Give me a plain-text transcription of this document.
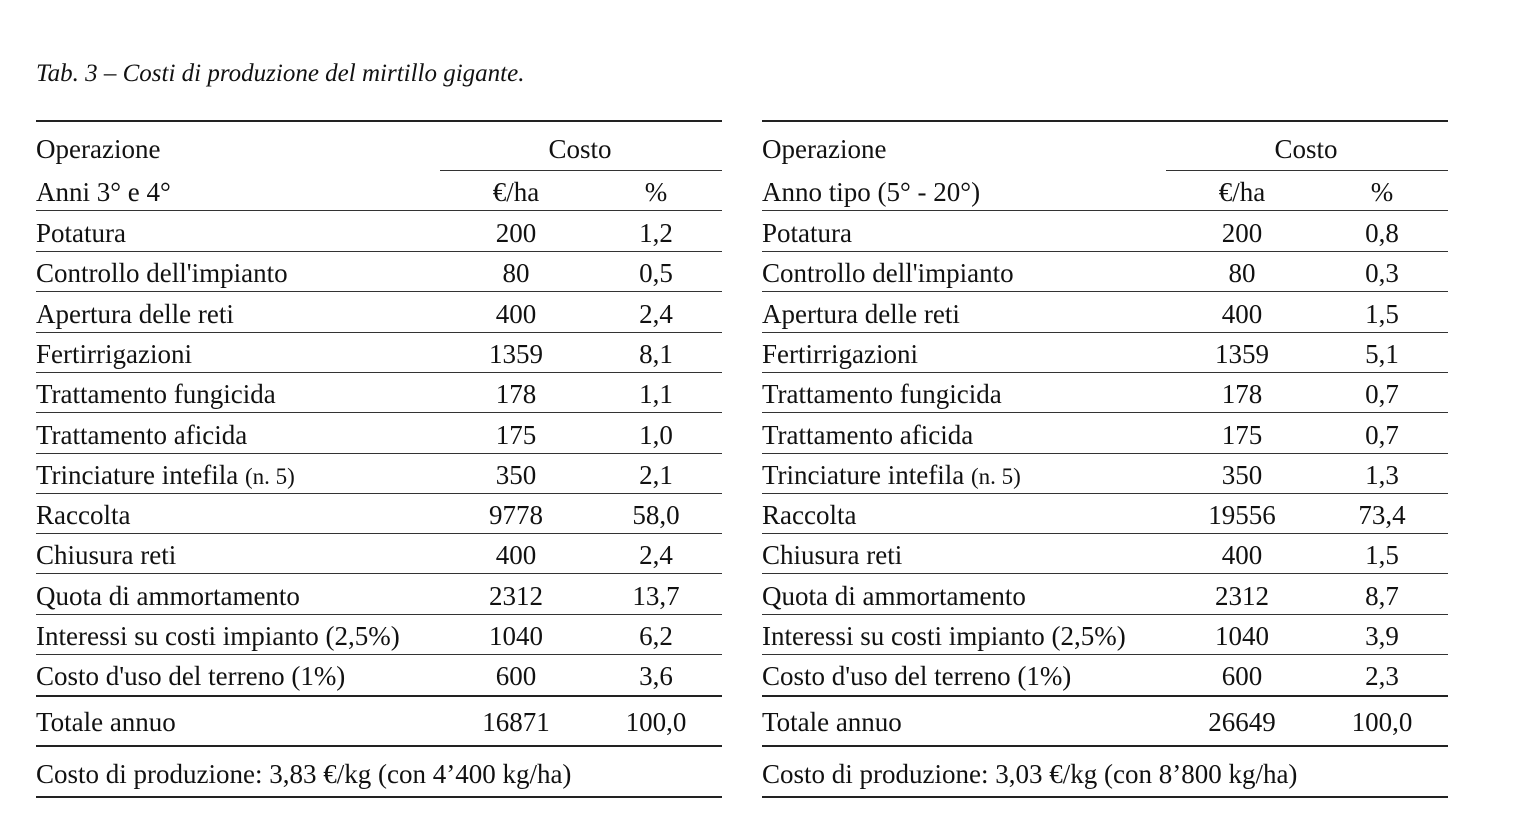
Tab. 3 – Costi di produzione del mirtillo gigante.
Operazione	Costo
Anni 3° e 4°	€/ha	%
Potatura	200	1,2
Controllo dell'impianto	80	0,5
Apertura delle reti	400	2,4
Fertirrigazioni	1359	8,1
Trattamento fungicida	178	1,1
Trattamento aficida	175	1,0
Trinciature intefila (n. 5)	350	2,1
Raccolta	9778	58,0
Chiusura reti	400	2,4
Quota di ammortamento	2312	13,7
Interessi su costi impianto (2,5%)	1040	6,2
Costo d'uso del terreno (1%)	600	3,6
Totale annuo	16871	100,0
Costo di produzione: 3,83 €/kg (con 4’400 kg/ha)
Operazione	Costo
Anno tipo (5° - 20°)	€/ha	%
Potatura	200	0,8
Controllo dell'impianto	80	0,3
Apertura delle reti	400	1,5
Fertirrigazioni	1359	5,1
Trattamento fungicida	178	0,7
Trattamento aficida	175	0,7
Trinciature intefila (n. 5)	350	1,3
Raccolta	19556	73,4
Chiusura reti	400	1,5
Quota di ammortamento	2312	8,7
Interessi su costi impianto (2,5%)	1040	3,9
Costo d'uso del terreno (1%)	600	2,3
Totale annuo	26649	100,0
Costo di produzione: 3,03 €/kg (con 8’800 kg/ha)
